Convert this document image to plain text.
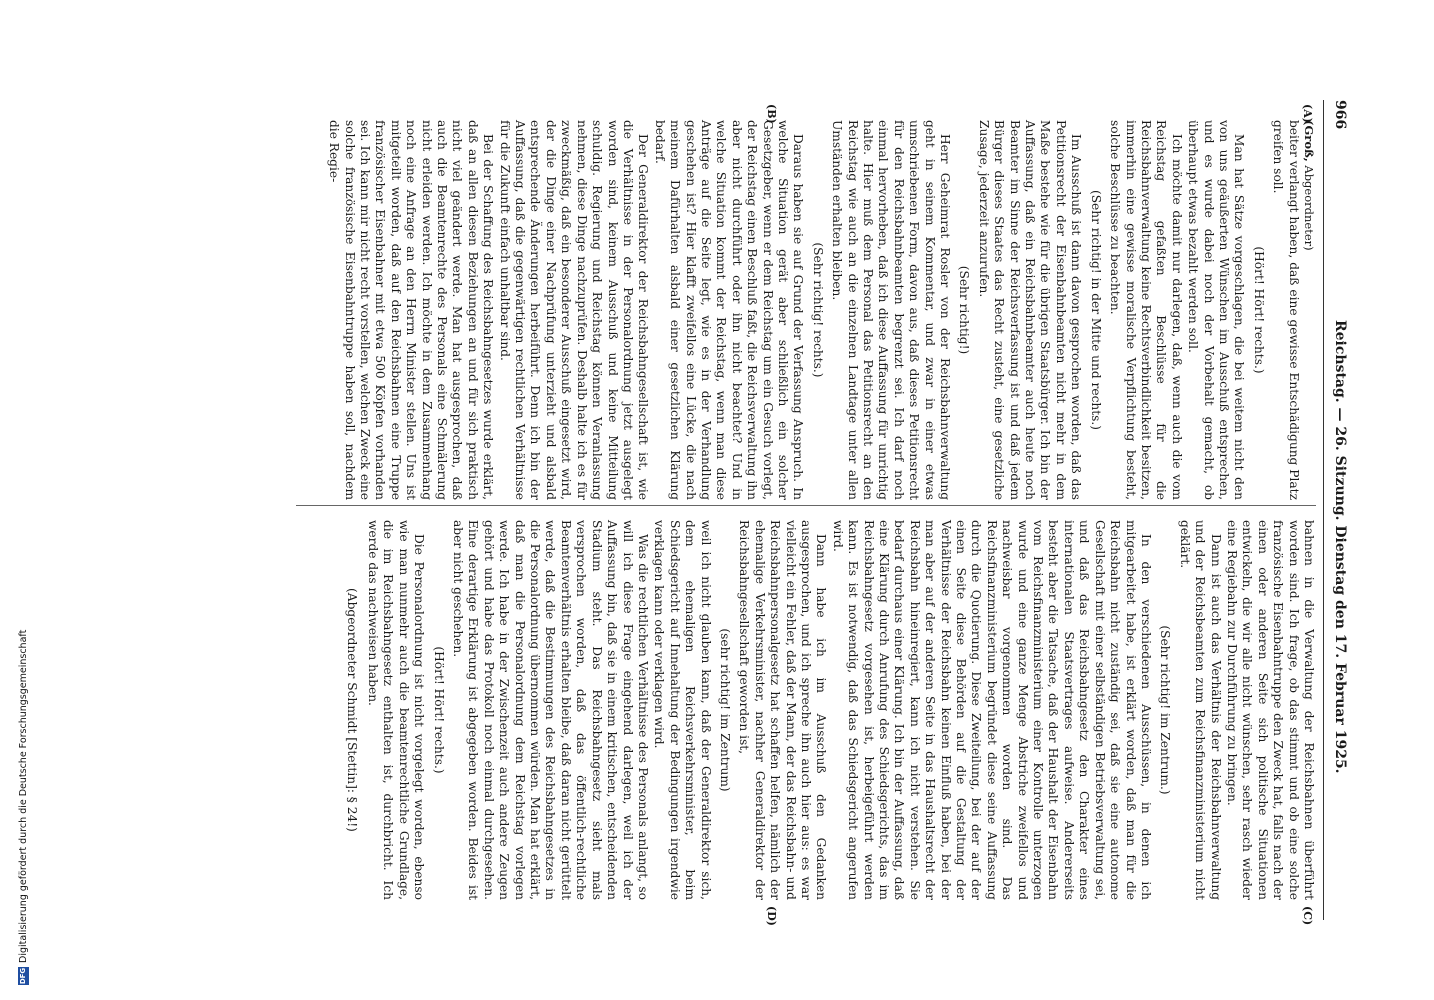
966
Reichstag. — 26. Sitzung. Dienstag den 17. Februar 1925.
(A)
(B)
(C)
(D)
(Groß, Abgeordneter)

beiter verlangt haben, daß eine gewisse Entschädigung Platz greifen soll.

(Hört! Hört! rechts.)

Man hat Sätze vorgeschlagen, die bei weitem nicht den von uns geäußerten Wünschen im Ausschuß entsprechen, und es wurde dabei noch der Vorbehalt gemacht, ob überhaupt etwas bezahlt werden soll.

Ich möchte damit nur darlegen, daß, wenn auch die vom Reichstag gefaßten Beschlüsse für die Reichsbahnverwaltung keine Rechtsverbindlichkeit besitzen, immerhin eine gewisse moralische Verpflichtung besteht, solche Beschlüsse zu beachten.

(Sehr richtig! in der Mitte und rechts.)

Im Ausschuß ist dann davon gesprochen worden, daß das Petitionsrecht der Eisenbahnbeamten nicht mehr in dem Maße bestehe wie für die übrigen Staatsbürger. Ich bin der Auffassung, daß ein Reichsbahnbeamter auch heute noch Beamter im Sinne der Reichsverfassung ist und daß jedem Bürger dieses Staates das Recht zusteht, eine gesetzliche Zusage, jederzeit anzurufen.

(Sehr richtig!)

Herr Geheimrat Rosler von der Reichsbahnverwaltung geht in seinem Kommentar, und zwar in einer etwas umschriebenen Form, davon aus, daß dieses Petitionsrecht für den Reichsbahnbeamten begrenzt sei. Ich darf noch einmal hervorheben, daß ich diese Auffassung für unrichtig halte. Hier muß dem Personal das Petitionsrecht an den Reichstag wie auch an die einzelnen Landtage unter allen Umständen erhalten bleiben.

(Sehr richtig! rechts.)

Daraus haben sie auf Grund der Verfassung Anspruch. In welche Situation gerät aber schließlich ein solcher Gesetzgeber, wenn er dem Reichstag um ein Gesuch vorlegt, der Reichstag einen Beschluß faßt, die Reichsverwaltung ihn aber nicht durchführt oder ihn nicht beachtet? Und in welche Situation kommt der Reichstag, wenn man diese Anträge auf die Seite legt, wie es in der Verhandlung geschehen ist? Hier klafft zweifellos eine Lücke, die nach meinem Dafürhalten alsbald einer gesetzlichen Klärung bedarf.

Der Generaldirektor der Reichsbahngesellschaft ist, wie die Verhältnisse in der Personalordnung jetzt ausgelegt worden sind, keinem Ausschuß und keine Mitteilung schuldig. Regierung und Reichstag können Veranlassung nehmen, diese Dinge nachzuprüfen. Deshalb halte ich es für zweckmäßig, daß ein besonderer Ausschuß eingesetzt wird, der die Dinge einer Nachprüfung unterzieht und alsbald entsprechende Änderungen herbeiführt. Denn ich bin der Auffassung, daß die gegenwärtigen rechtlichen Verhältnisse für die Zukunft einfach unhaltbar sind.

Bei der Schaffung des Reichsbahngesetzes wurde erklärt, daß an allen diesen Beziehungen an und für sich praktisch nicht viel geändert werde. Man hat ausgesprochen, daß auch die Beamtenrechte des Personals eine Schmälerung nicht erleiden werden. Ich möchte in dem Zusammenhang noch eine Anfrage an den Herrn Minister stellen. Uns ist mitgeteilt worden, daß auf den Reichsbahnen eine Truppe französischer Eisenbahner mit etwa 500 Köpfen vorhanden sei. Ich kann mir nicht recht vorstellen, welchen Zweck eine solche französische Eisenbahntruppe haben soll, nachdem die Regie-

bahnen in die Verwaltung der Reichsbahnen überführt worden sind. Ich frage, ob das stimmt und ob eine solche französische Eisenbahntruppe den Zweck hat, falls nach der einen oder anderen Seite sich politische Situationen entwickeln, die wir alle nicht wünschen, sehr rasch wieder eine Regiebahn zur Durchführung zu bringen.

Dann ist auch das Verhältnis der Reichsbahnverwaltung und der Reichsbeamten zum Reichsfinanzministerium nicht geklärt.

(Sehr richtig! im Zentrum.)

In den verschiedenen Ausschüssen, in denen ich mitgearbeitet habe, ist erklärt worden, daß man für die Reichsbahn nicht zuständig sei, daß sie eine autonome Gesellschaft mit einer selbständigen Betriebsverwaltung sei, und daß das Reichsbahngesetz den Charakter eines internationalen Staatsvertrages aufweise. Andererseits besteht aber die Tatsache, daß der Haushalt der Eisenbahn vom Reichsfinanzministerium einer Kontrolle unterzogen wurde und eine ganze Menge Abstriche zweifellos und nachweisbar vorgenommen worden sind. Das Reichsfinanzministerium begründet diese seine Auffassung durch die Quotierung. Diese Zweiteilung, bei der auf der einen Seite diese Behörden auf die Gestaltung der Verhältnisse der Reichsbahn keinen Einfluß haben, bei der man aber auf der anderen Seite in das Haushaltsrecht der Reichsbahn hineinregiert, kann ich nicht verstehen. Sie bedarf durchaus einer Klärung. Ich bin der Auffassung, daß eine Klärung durch Anrufung des Schiedsgerichts, das im Reichsbahngesetz vorgesehen ist, herbeigeführt werden kann. Es ist notwendig, daß das Schiedsgericht angerufen wird.

Dann habe ich im Ausschuß den Gedanken ausgesprochen, und ich spreche ihn auch hier aus: es war vielleicht ein Fehler, daß der Mann, der das Reichsbahn- und Reichsbahnpersonalgesetz hat schaffen helfen, nämlich der ehemalige Verkehrsminister, nachher Generaldirektor der Reichsbahngesellschaft geworden ist,

(sehr richtig! im Zentrum)

weil ich nicht glauben kann, daß der Generaldirektor sich, dem ehemaligen Reichsverkehrsminister, beim Schiedsgericht auf Innehaltung der Bedingungen irgendwie verklagen kann oder verklagen wird.

Was die rechtlichen Verhältnisse des Personals anlangt, so will ich diese Frage eingehend darlegen, weil ich der Auffassung bin, daß sie in einem kritischen, entscheidenden Stadium steht. Das Reichsbahngesetz sieht mals versprochen worden, daß das öffentlich-rechtliche Beamtenverhältnis erhalten bleibe, daß daran nicht gerüttelt werde, daß die Bestimmungen des Reichsbahngesetzes in die Personalordnung übernommen würden. Man hat erklärt, daß man die Personalordnung dem Reichstag vorlegen werde. Ich habe in der Zwischenzeit auch andere Zeugen gehört und habe das Protokoll noch einmal durchgesehen. Eine derartige Erklärung ist abgegeben worden. Beides ist aber nicht geschehen.

(Hört! Hört! rechts.)

Die Personalordnung ist nicht vorgelegt worden, ebenso wie man nunmehr auch die beamtenrechtliche Grundlage, die im Reichsbahngesetz enthalten ist, durchbricht. Ich werde das nachweisen haben.

(Abgeordneter Schmidt [Stettin]: § 24!)

DFG
Digitalisierung gefördert durch die Deutsche Forschungsgemeinschaft
